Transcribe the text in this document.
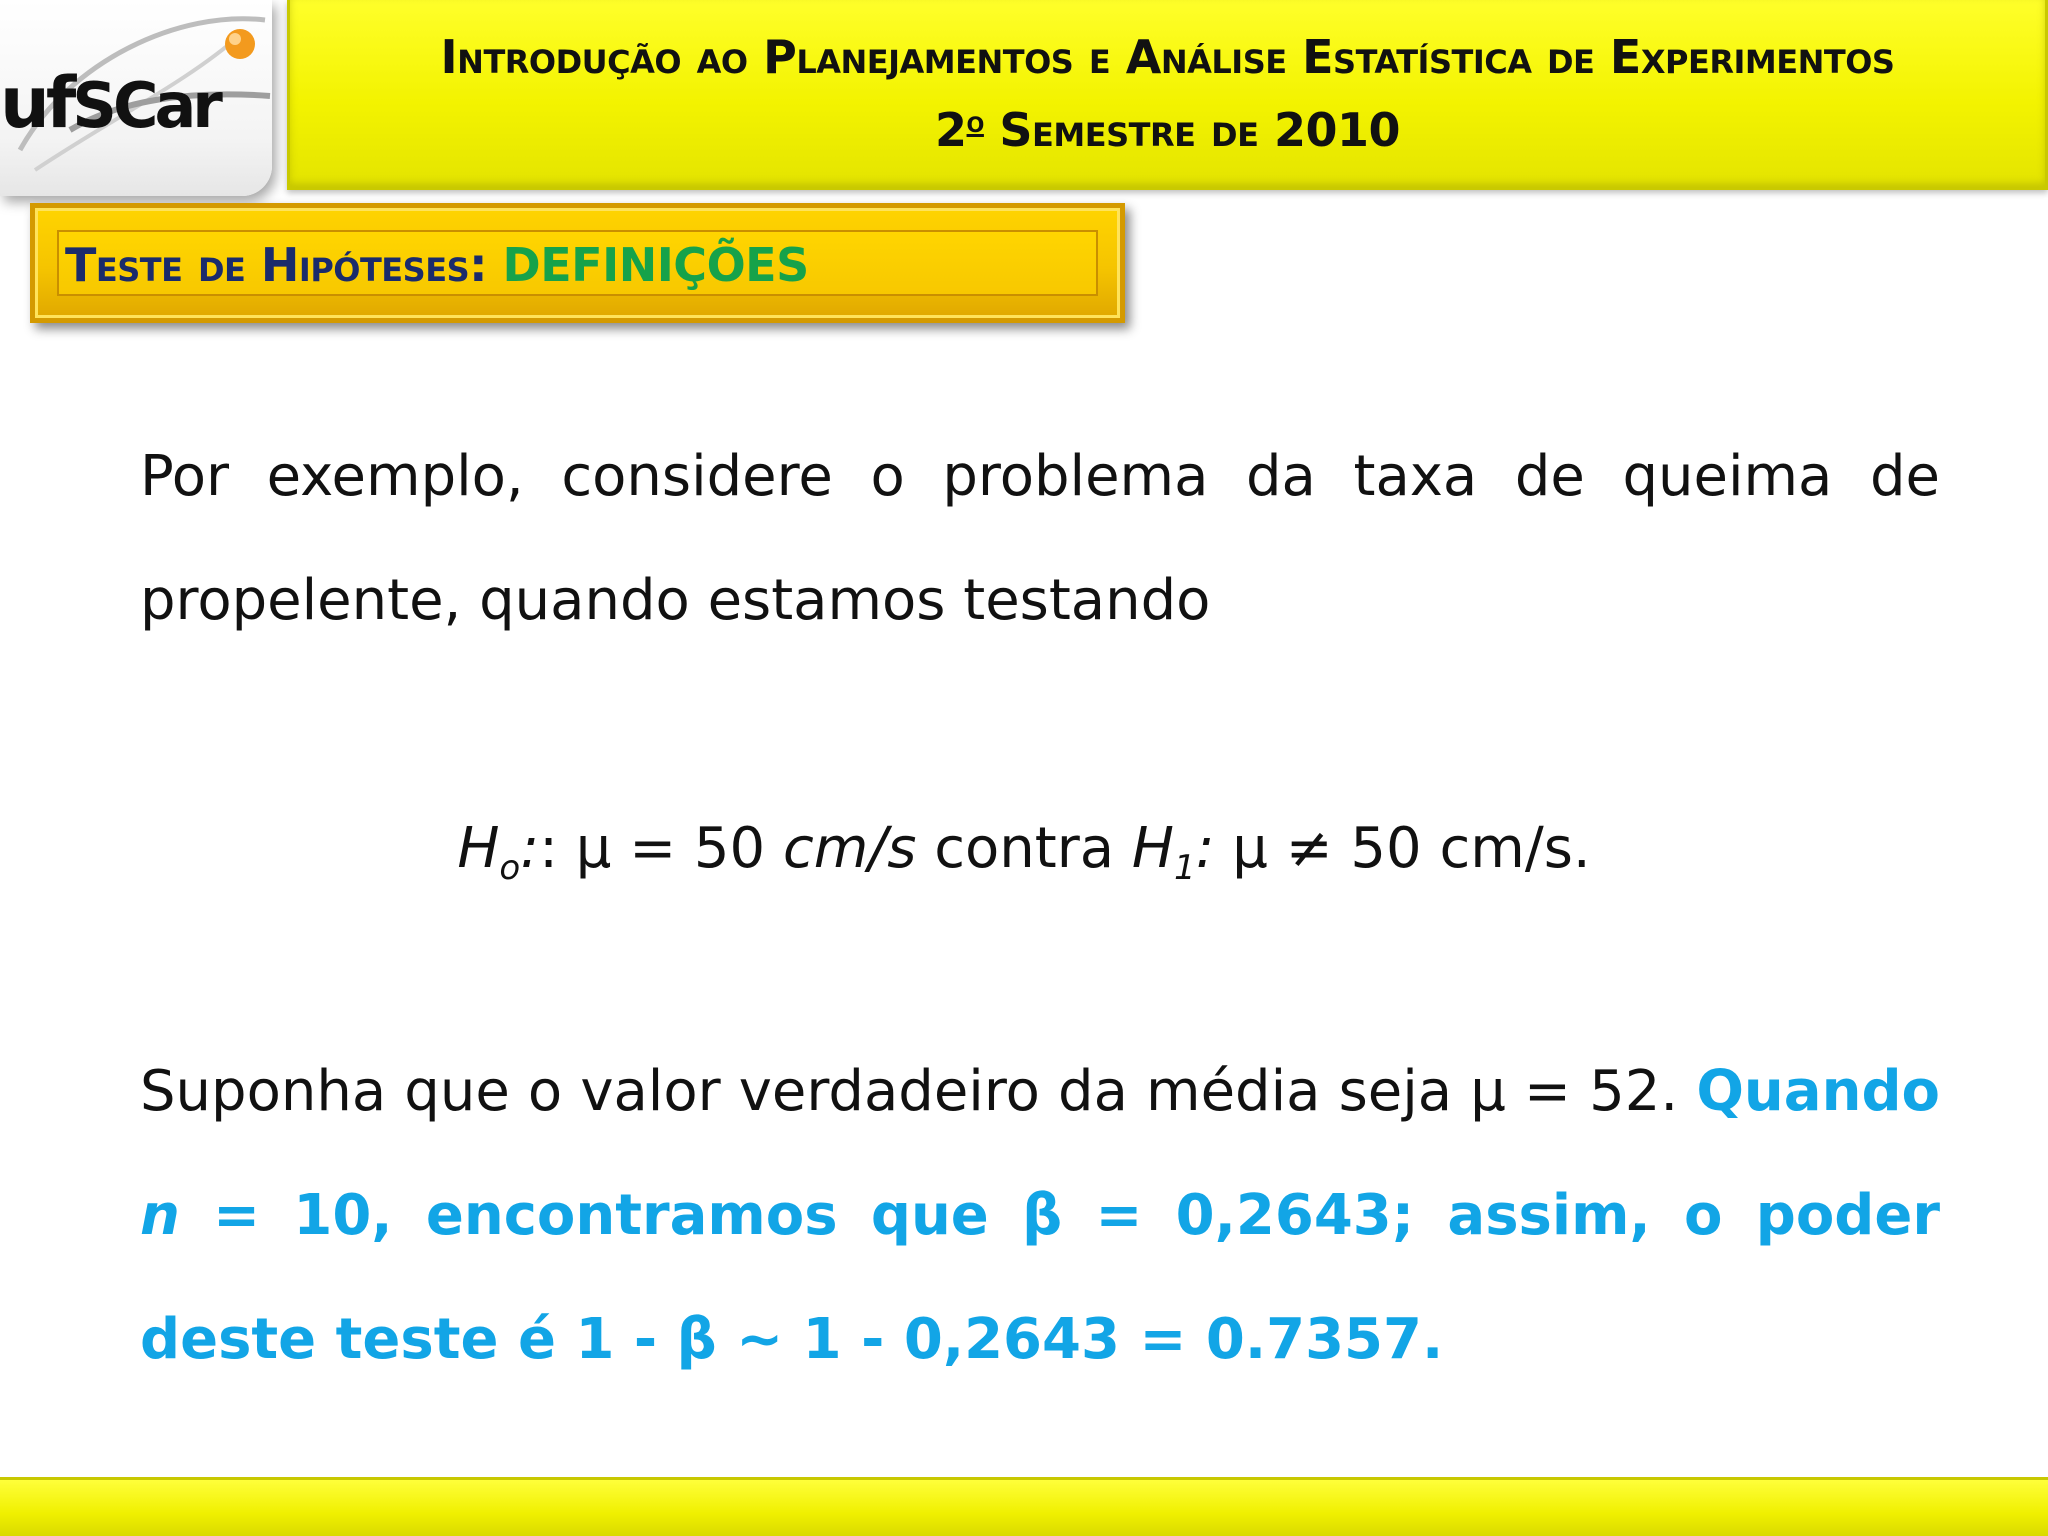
ufSCar
Introdução ao Planejamentos e Análise Estatística de Experimentos
2$^o$ Semestre de 2010
Teste de Hipóteses: DEFINIÇÕES
Por exemplo, considere o problema da taxa de queima de propelente, quando estamos testando
$H_o$:: μ = 50 cm/s contra $H_1$: μ ≠ 50 cm/s.
Suponha que o valor verdadeiro da média seja μ = 52. Quando n = 10, encontramos que β = 0,2643; assim, o poder deste teste é 1 - β ~ 1 - 0,2643 = 0.7357.
